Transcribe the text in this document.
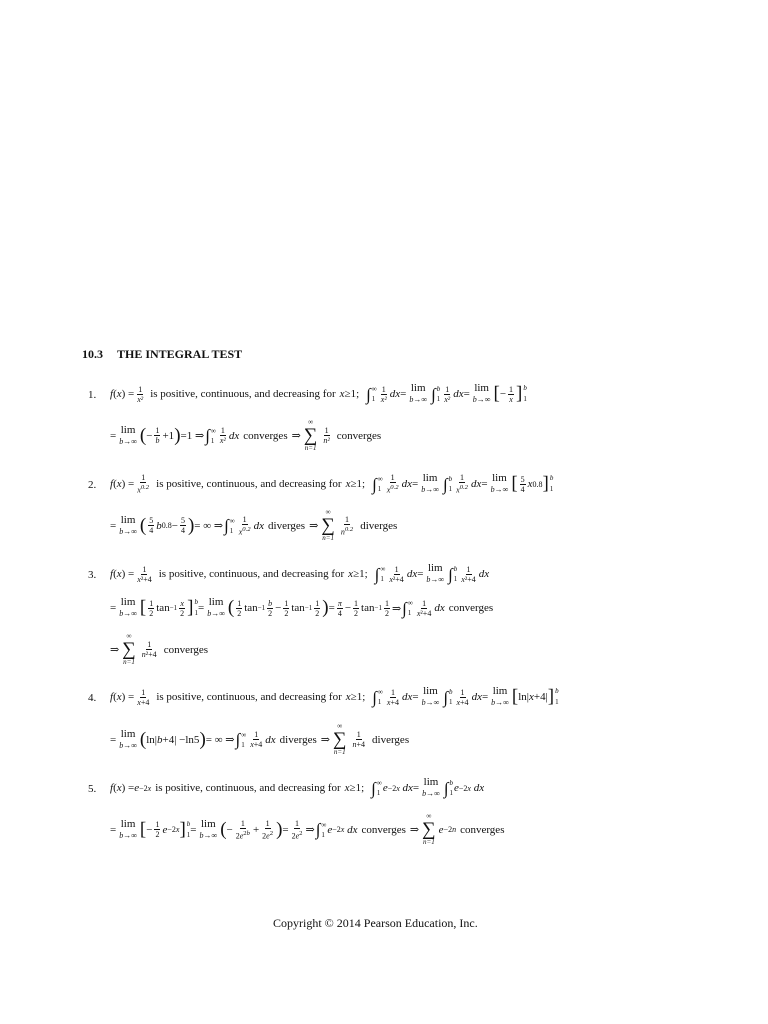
10.3 THE INTEGRAL TEST
1. f ( x ) = $\frac{1}{\text{x²}}$ is positive, continuous, and decreasing for x ≥1; ∫ ∞
$1 \frac{1}{\text{x²}}$ dx = lim
b→∞ ∫ b
$1 \frac{1}{\text{x²}}$ dx = lim
b→∞ [ − $\frac{1}{x}$ ] b
1
= lim
b→∞ ( − $\frac{1}{b} +1$ ) =1 ⇒ ∫ ∞
$1 \frac{1}{\text{x²}}$ dx converges ⇒
∞
∑
n=1
$\frac{1}{\text{n²}}$ converges
2. f ( x ) = $\frac{1}{x^{0.2}}$ is positive, continuous, and decreasing for x ≥1; ∫ ∞
$1 \frac{1}{x^{0.2}}$ dx = lim
b→∞ ∫ b
$1 \frac{1}{x^{0.2}}$ dx = lim
b→∞ [ $\frac{5}{4}$ x 0.8 ] b
1
= lim
b→∞ ( $\frac{5}{4}$ b $0.8 - \frac{5}{4}$ ) = ∞ ⇒ ∫ ∞
$1 \frac{1}{x^{0.2}}$ dx diverges ⇒
∞
∑
n=1
$\frac{1}{n^{0.2}}$ diverges
3. f ( x ) = $\frac{1}{\text{x²+4}}$ is positive, continuous, and decreasing for x ≥1; ∫ ∞
$1 \frac{1}{\text{x²+4}}$ dx = lim
b→∞ ∫ b
$1 \frac{1}{\text{x²+4}}$ dx
= lim
b→∞ [ $\frac{1}{2}$ $\tan -1 \frac{x}{2}$ ] b
1 = lim
b→∞ ( $\frac{1}{2}$ $\tan -1 \frac{b}{2} - \frac{1}{2}$ $\tan -1 \frac{1}{2}$ ) = $\frac{\pi}{4} - \frac{1}{2}$ $\tan -1 \frac{1}{2}$ ⇒ ∫ ∞
$1 \frac{1}{\text{x²+4}}$ dx converges
⇒
∞
∑
n=1
$\frac{1}{\text{n²+4}}$ converges
4. f ( x ) = $\frac{1}{x+4}$ is positive, continuous, and decreasing for x ≥1; ∫ ∞
$1 \frac{1}{x+4}$ dx = lim
b→∞ ∫ b
$1 \frac{1}{x+4}$ dx = lim
b→∞ [ ln| x +4| ] b
1
= lim
b→∞ ( ln| b +4| −ln5 ) = ∞ ⇒ ∫ ∞
$1 \frac{1}{x+4}$ dx diverges ⇒
∞
∑
n=1
$\frac{1}{n+4}$ diverges
5. f ( x ) = e −2x is positive, continuous, and decreasing for x ≥1; ∫ ∞
1 e −2x
dx = lim
b→∞ ∫ b
1 e −2x
dx
= lim
b→∞ [ − $\frac{1}{2}$ e −2x ] b
1 = lim
b→∞ ( − $\frac{1}{2e^{2b}} + \frac{1}{2e^2}$ ) = $\frac{1}{2e^2}$ ⇒ ∫ ∞
1 e −2x
dx converges ⇒
∞
∑
n=1
e −2n converges
Copyright © 2014 Pearson Education, Inc.
